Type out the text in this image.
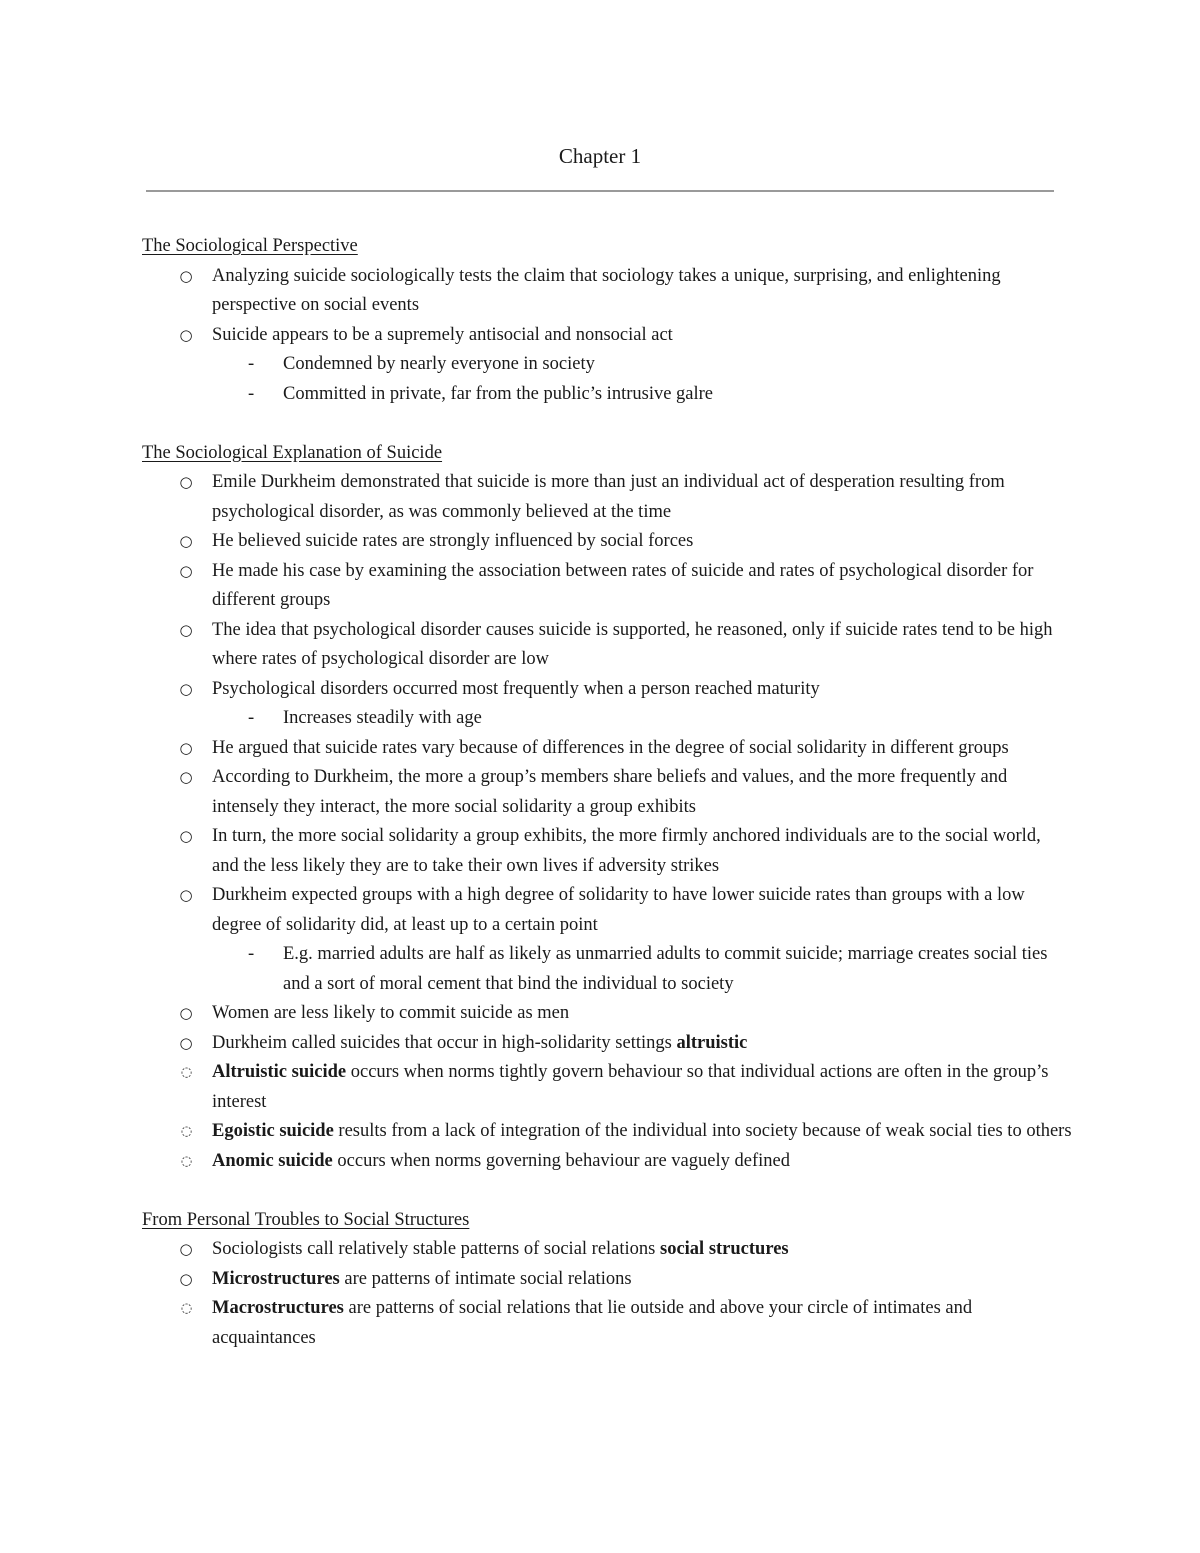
Chapter 1
The Sociological Perspective
○ Analyzing suicide sociologically tests the claim that sociology takes a unique, surprising, and enlightening perspective on social events
○ Suicide appears to be a supremely antisocial and nonsocial act
- Condemned by nearly everyone in society
- Committed in private, far from the public’s intrusive galre
The Sociological Explanation of Suicide
○ Emile Durkheim demonstrated that suicide is more than just an individual act of desperation resulting from psychological disorder, as was commonly believed at the time
○ He believed suicide rates are strongly influenced by social forces
○ He made his case by examining the association between rates of suicide and rates of psychological disorder for different groups
○ The idea that psychological disorder causes suicide is supported, he reasoned, only if suicide rates tend to be high where rates of psychological disorder are low
○ Psychological disorders occurred most frequently when a person reached maturity
- Increases steadily with age
○ He argued that suicide rates vary because of differences in the degree of social solidarity in different groups
○ According to Durkheim, the more a group’s members share beliefs and values, and the more frequently and intensely they interact, the more social solidarity a group exhibits
○ In turn, the more social solidarity a group exhibits, the more firmly anchored individuals are to the social world, and the less likely they are to take their own lives if adversity strikes
○ Durkheim expected groups with a high degree of solidarity to have lower suicide rates than groups with a low degree of solidarity did, at least up to a certain point
- E.g. married adults are half as likely as unmarried adults to commit suicide; marriage creates social ties and a sort of moral cement that bind the individual to society
○ Women are less likely to commit suicide as men
○ Durkheim called suicides that occur in high-solidarity settings altruistic
◌ Altruistic suicide occurs when norms tightly govern behaviour so that individual actions are often in the group’s interest
◌ Egoistic suicide results from a lack of integration of the individual into society because of weak social ties to others
◌ Anomic suicide occurs when norms governing behaviour are vaguely defined
From Personal Troubles to Social Structures
○ Sociologists call relatively stable patterns of social relations social structures
○ Microstructures are patterns of intimate social relations
◌ Macrostructures are patterns of social relations that lie outside and above your circle of intimates and acquaintances
